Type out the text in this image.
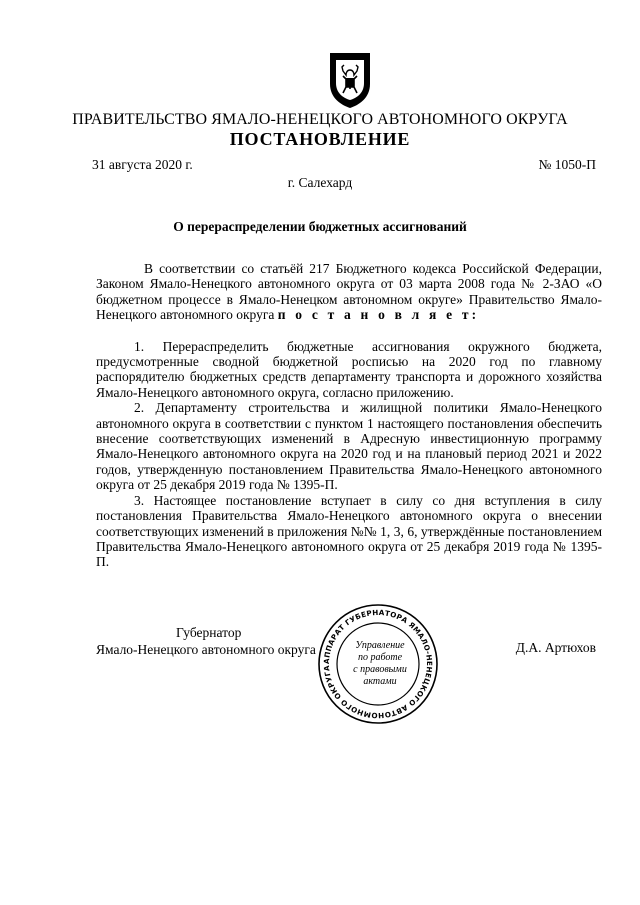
ПРАВИТЕЛЬСТВО ЯМАЛО-НЕНЕЦКОГО АВТОНОМНОГО ОКРУГА
ПОСТАНОВЛЕНИЕ
31 августа 2020 г.	№ 1050-П
г. Салехард
О перераспределении бюджетных ассигнований

В соответствии со статьёй 217 Бюджетного кодекса Российской Федерации, Законом Ямало-Ненецкого автономного округа от 03 марта 2008 года № 2-ЗАО «О бюджетном процессе в Ямало-Ненецком автономном округе» Правительство Ямало-Ненецкого автономного округа п о с т а н о в л я е т:

1. Перераспределить бюджетные ассигнования окружного бюджета, предусмотренные сводной бюджетной росписью на 2020 год по главному распорядителю бюджетных средств департаменту транспорта и дорожного хозяйства Ямало-Ненецкого автономного округа, согласно приложению.

2. Департаменту строительства и жилищной политики Ямало-Ненецкого автономного округа в соответствии с пунктом 1 настоящего постановления обеспечить внесение соответствующих изменений в Адресную инвестиционную программу Ямало-Ненецкого автономного округа на 2020 год и на плановый период 2021 и 2022 годов, утвержденную постановлением Правительства Ямало-Ненецкого автономного округа от 25 декабря 2019 года № 1395-П.

3. Настоящее постановление вступает в силу со дня вступления в силу постановления Правительства Ямало-Ненецкого автономного округа о внесении соответствующих изменений в приложения №№ 1, 3, 6, утверждённые постановлением Правительства Ямало-Ненецкого автономного округа от 25 декабря 2019 года № 1395-П.

Губернатор
Ямало-Ненецкого автономного округа	Д.А. Артюхов
АППАРАТ ГУБЕРНАТОРА ЯМАЛО-НЕНЕЦКОГО АВТОНОМНОГО ОКРУГА
Управление
по работе
с правовыми
актами
